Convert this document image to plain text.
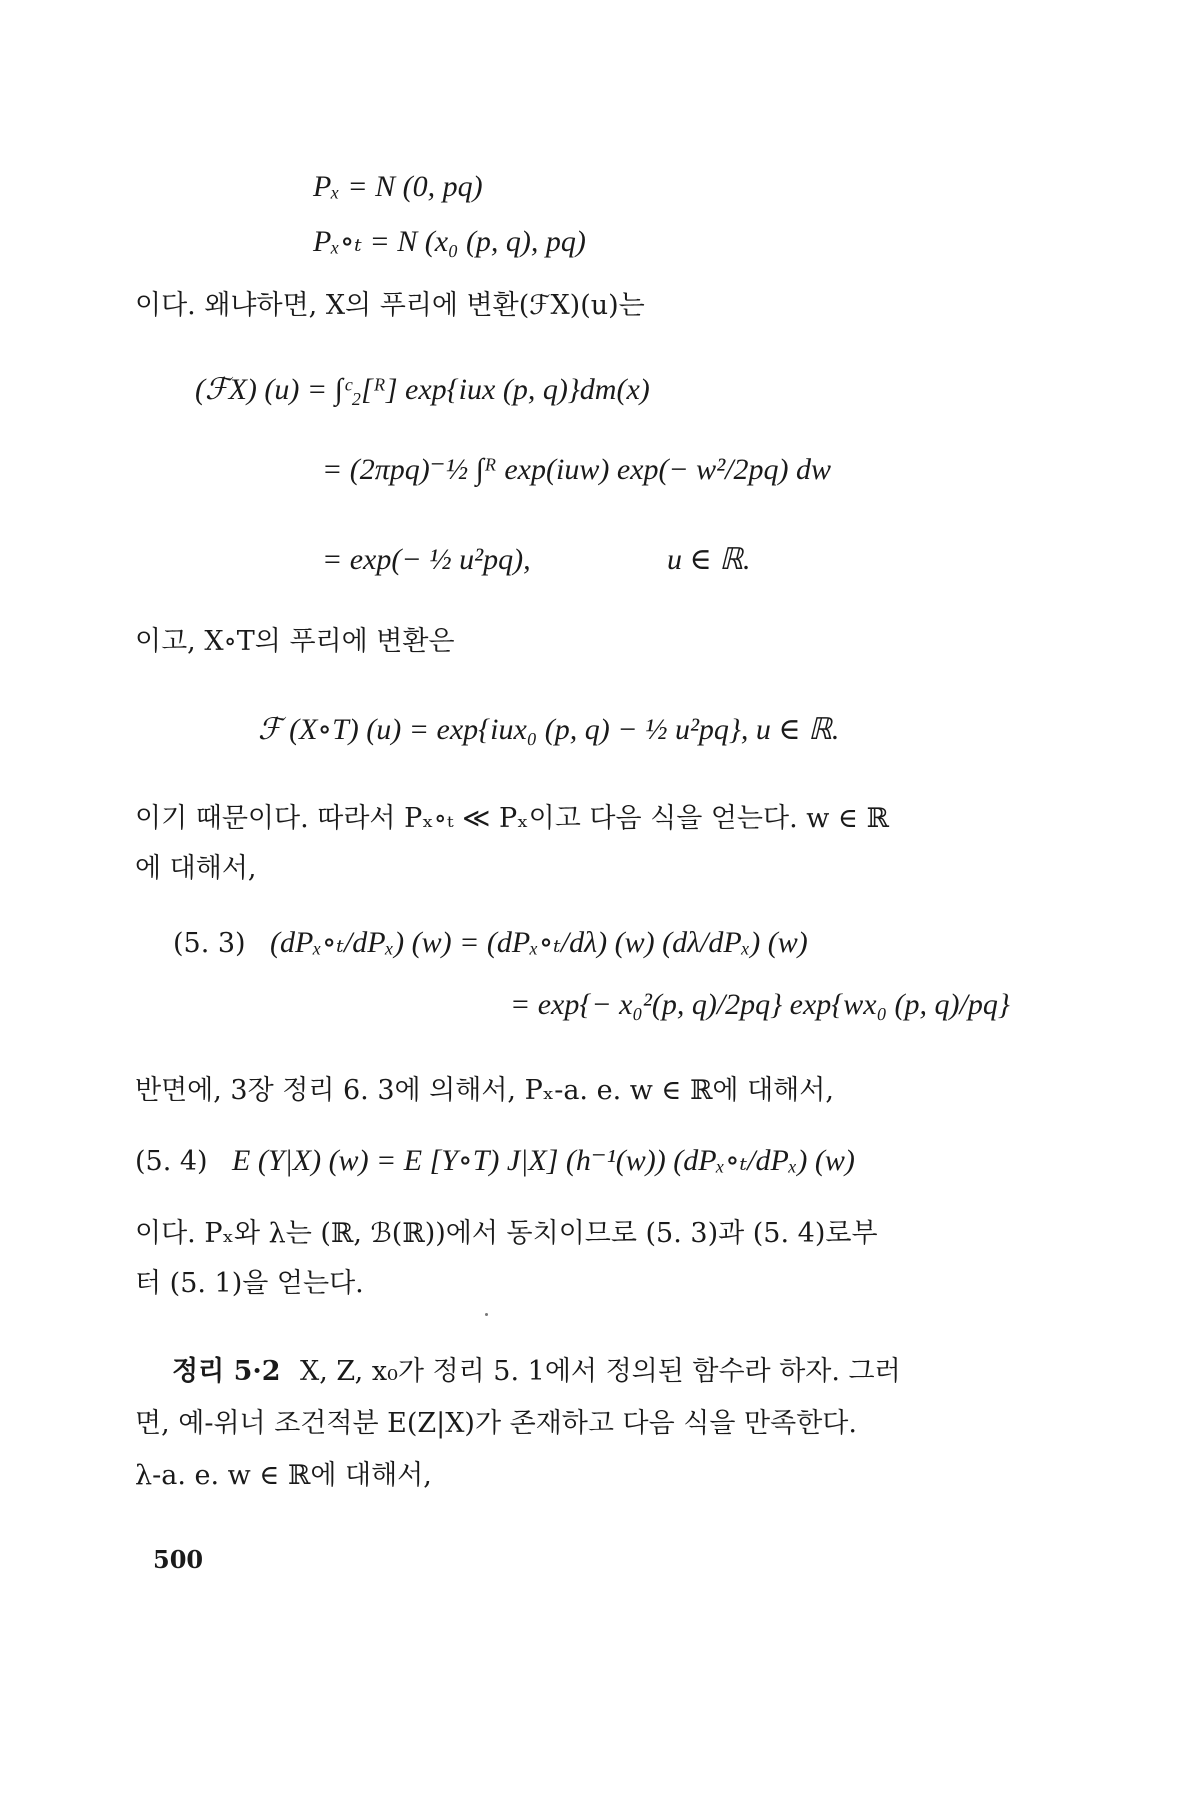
Pₓ = N (0, pq)
Pₓ∘ₜ = N (x₀ (p, q), pq)
이다. 왜냐하면, X의 푸리에 변환(ℱX)(u)는
(ℱX) (u) = ∫ᶜ₂[ᴿ] exp{iux (p, q)}dm(x)
= (2πpq)⁻½ ∫ᴿ exp(iuw) exp(− w²/2pq) dw
= exp(− ½ u²pq),	u ∈ ℝ.
이고, X∘T의 푸리에 변환은
ℱ (X∘T) (u) = exp{iux₀ (p, q) − ½ u²pq}, u ∈ ℝ.
이기 때문이다. 따라서 Pₓ∘ₜ ≪ Pₓ이고 다음 식을 얻는다. w ∈ ℝ
에 대해서,
(5. 3) (dPₓ∘ₜ/dPₓ) (w) = (dPₓ∘ₜ/dλ) (w) (dλ/dPₓ) (w)
= exp{− x₀²(p, q)/2pq} exp{wx₀ (p, q)/pq}
반면에, 3장 정리 6. 3에 의해서, Pₓ-a. e. w ∈ ℝ에 대해서,
(5. 4) E (Y|X) (w) = E [Y∘T) J|X] (h⁻¹(w)) (dPₓ∘ₜ/dPₓ) (w)
이다. Pₓ와 λ는 (ℝ, ℬ(ℝ))에서 동치이므로 (5. 3)과 (5. 4)로부
터 (5. 1)을 얻는다.
정리 5·2 X, Z, x₀가 정리 5. 1에서 정의된 함수라 하자. 그러
면, 예-위너 조건적분 E(Z|X)가 존재하고 다음 식을 만족한다.
λ-a. e. w ∈ ℝ에 대해서,
500
